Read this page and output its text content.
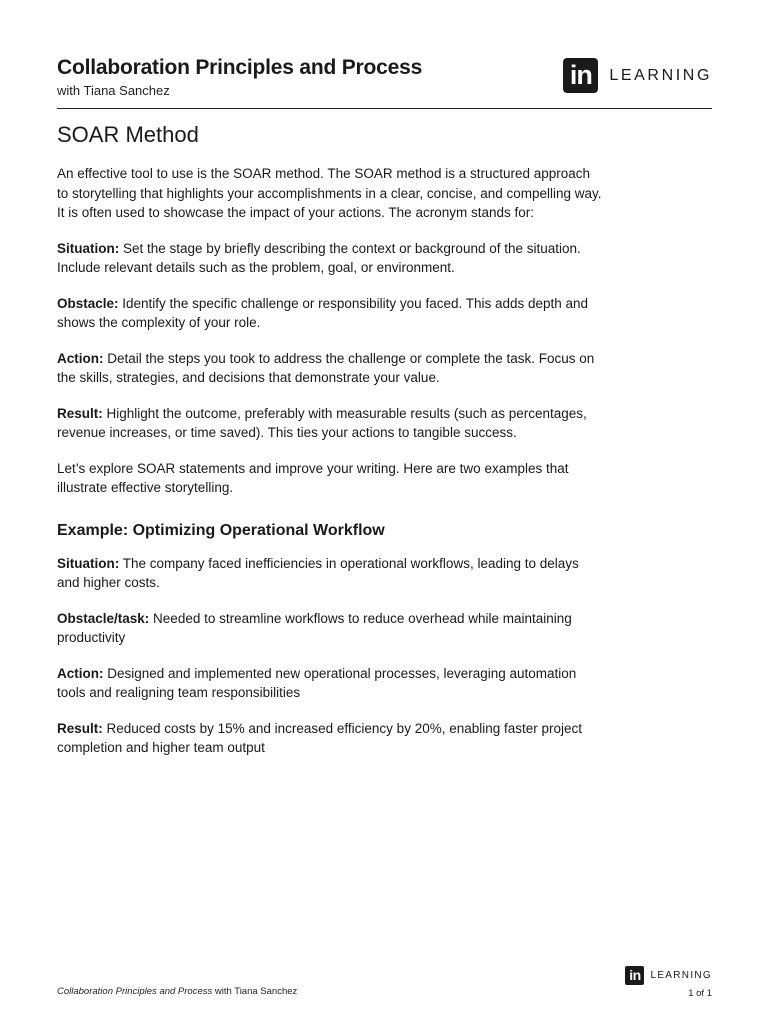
Collaboration Principles and Process
with Tiana Sanchez
in	LEARNING
SOAR Method

An effective tool to use is the SOAR method. The SOAR method is a structured approach to storytelling that highlights your accomplishments in a clear, concise, and compelling way. It is often used to showcase the impact of your actions. The acronym stands for:

Situation: Set the stage by briefly describing the context or background of the situation. Include relevant details such as the problem, goal, or environment.

Obstacle: Identify the specific challenge or responsibility you faced. This adds depth and shows the complexity of your role.

Action: Detail the steps you took to address the challenge or complete the task. Focus on the skills, strategies, and decisions that demonstrate your value.

Result: Highlight the outcome, preferably with measurable results (such as percentages, revenue increases, or time saved). This ties your actions to tangible success.

Let’s explore SOAR statements and improve your writing. Here are two examples that illustrate effective storytelling.

Example: Optimizing Operational Workflow

Situation: The company faced inefficiencies in operational workflows, leading to delays and higher costs.

Obstacle/task: Needed to streamline workflows to reduce overhead while maintaining productivity

Action: Designed and implemented new operational processes, leveraging automation tools and realigning team responsibilities

Result: Reduced costs by 15% and increased efficiency by 20%, enabling faster project completion and higher team output

Collaboration Principles and Process with Tiana Sanchez
in LEARNING
1 of 1
